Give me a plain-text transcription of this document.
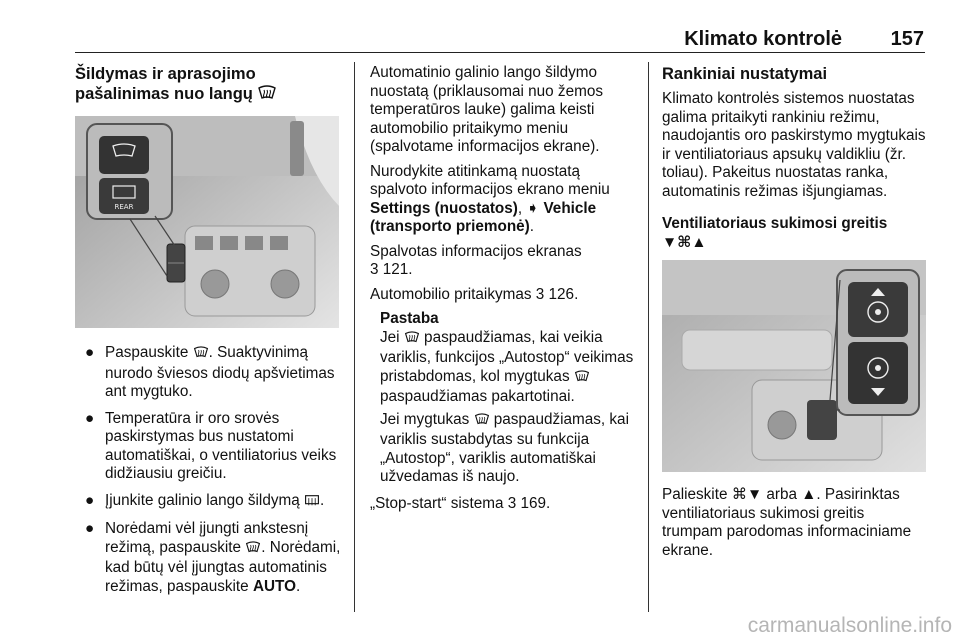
Klimato kontrolė 157
Šildymas ir aprasojimo pašalinimas nuo langų
REAR
● Paspauskite . Suaktyvinimą nurodo šviesos diodų apšvietimas ant mygtuko.
● Temperatūra ir oro srovės paskirstymas bus nustatomi automatiškai, o ventiliatorius veiks didžiausiu greičiu.
● Įjunkite galinio lango šildymą .
● Norėdami vėl įjungti ankstesnį režimą, paspauskite . Norėdami, kad būtų vėl įjungtas automatinis režimas, paspauskite AUTO.

Automatinio galinio lango šildymo nuostatą (priklausomai nuo žemos temperatūros lauke) galima keisti automobilio pritaikymo meniu (spalvotame informacijos ekrane).

Nurodykite atitinkamą nuostatą spalvoto informacijos ekrano meniu Settings (nuostatos), ➧ Vehicle (transporto priemonė).

Spalvotas informacijos ekranas
3 121.

Automobilio pritaikymas 3 126.

Pastaba

Jei  paspaudžiamas, kai veikia variklis, funkcijos „Autostop“ veikimas pristabdomas, kol mygtukas  paspaudžiamas pakartotinai.

Jei mygtukas  paspaudžiamas, kai variklis sustabdytas su funkcija „Autostop“, variklis automatiškai užvedamas iš naujo.

„Stop-start“ sistema 3 169.

Rankiniai nustatymai

Klimato kontrolės sistemos nuostatas galima pritaikyti rankiniu režimu, naudojantis oro paskirstymo mygtukais ir ventiliatoriaus apsukų valdikliu (žr. toliau). Pakeitus nuostatas ranka, automatinis režimas išjungiamas.

Ventiliatoriaus sukimosi greitis ▼⌘▲

Palieskite ⌘▼ arba ▲. Pasirinktas ventiliatoriaus sukimosi greitis trumpam parodomas informaciniame ekrane.

carmanualsonline.info
